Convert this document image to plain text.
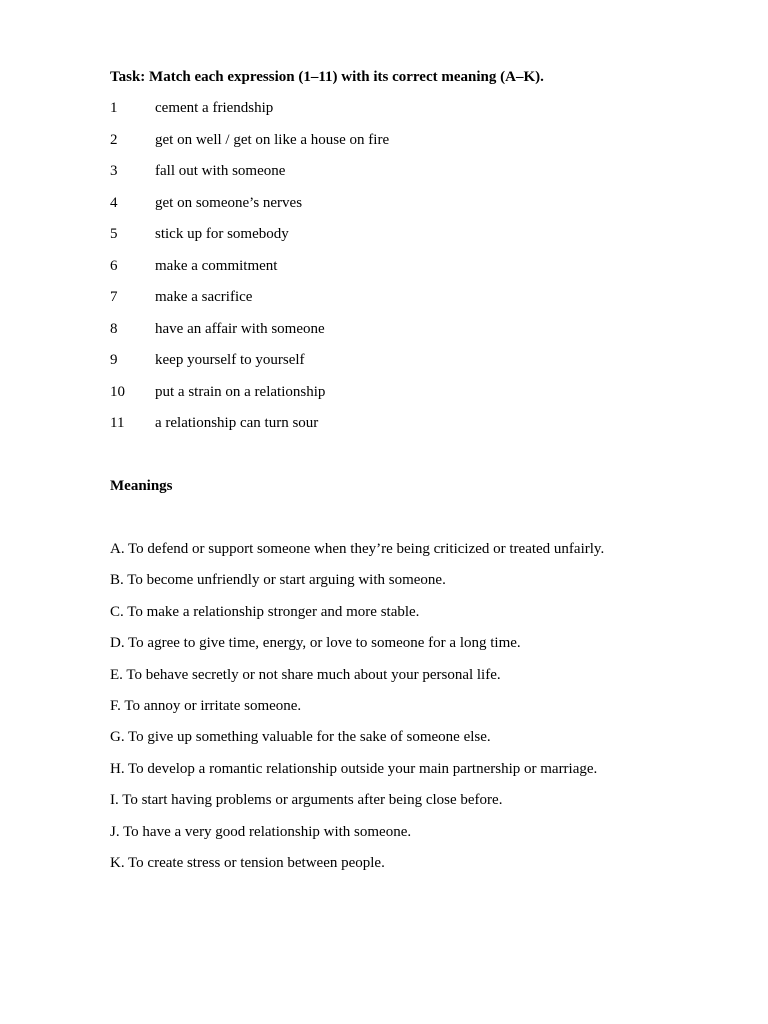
Task: Match each expression (1–11) with its correct meaning (A–K).
1	cement a friendship
2	get on well / get on like a house on fire
3	fall out with someone
4	get on someone’s nerves
5	stick up for somebody
6	make a commitment
7	make a sacrifice
8	have an affair with someone
9	keep yourself to yourself
10 put a strain on a relationship
11 a relationship can turn sour
Meanings
A. To defend or support someone when they’re being criticized or treated unfairly.
B. To become unfriendly or start arguing with someone.
C. To make a relationship stronger and more stable.
D. To agree to give time, energy, or love to someone for a long time.
E. To behave secretly or not share much about your personal life.
F. To annoy or irritate someone.
G. To give up something valuable for the sake of someone else.
H. To develop a romantic relationship outside your main partnership or marriage.
I. To start having problems or arguments after being close before.
J. To have a very good relationship with someone.
K. To create stress or tension between people.
